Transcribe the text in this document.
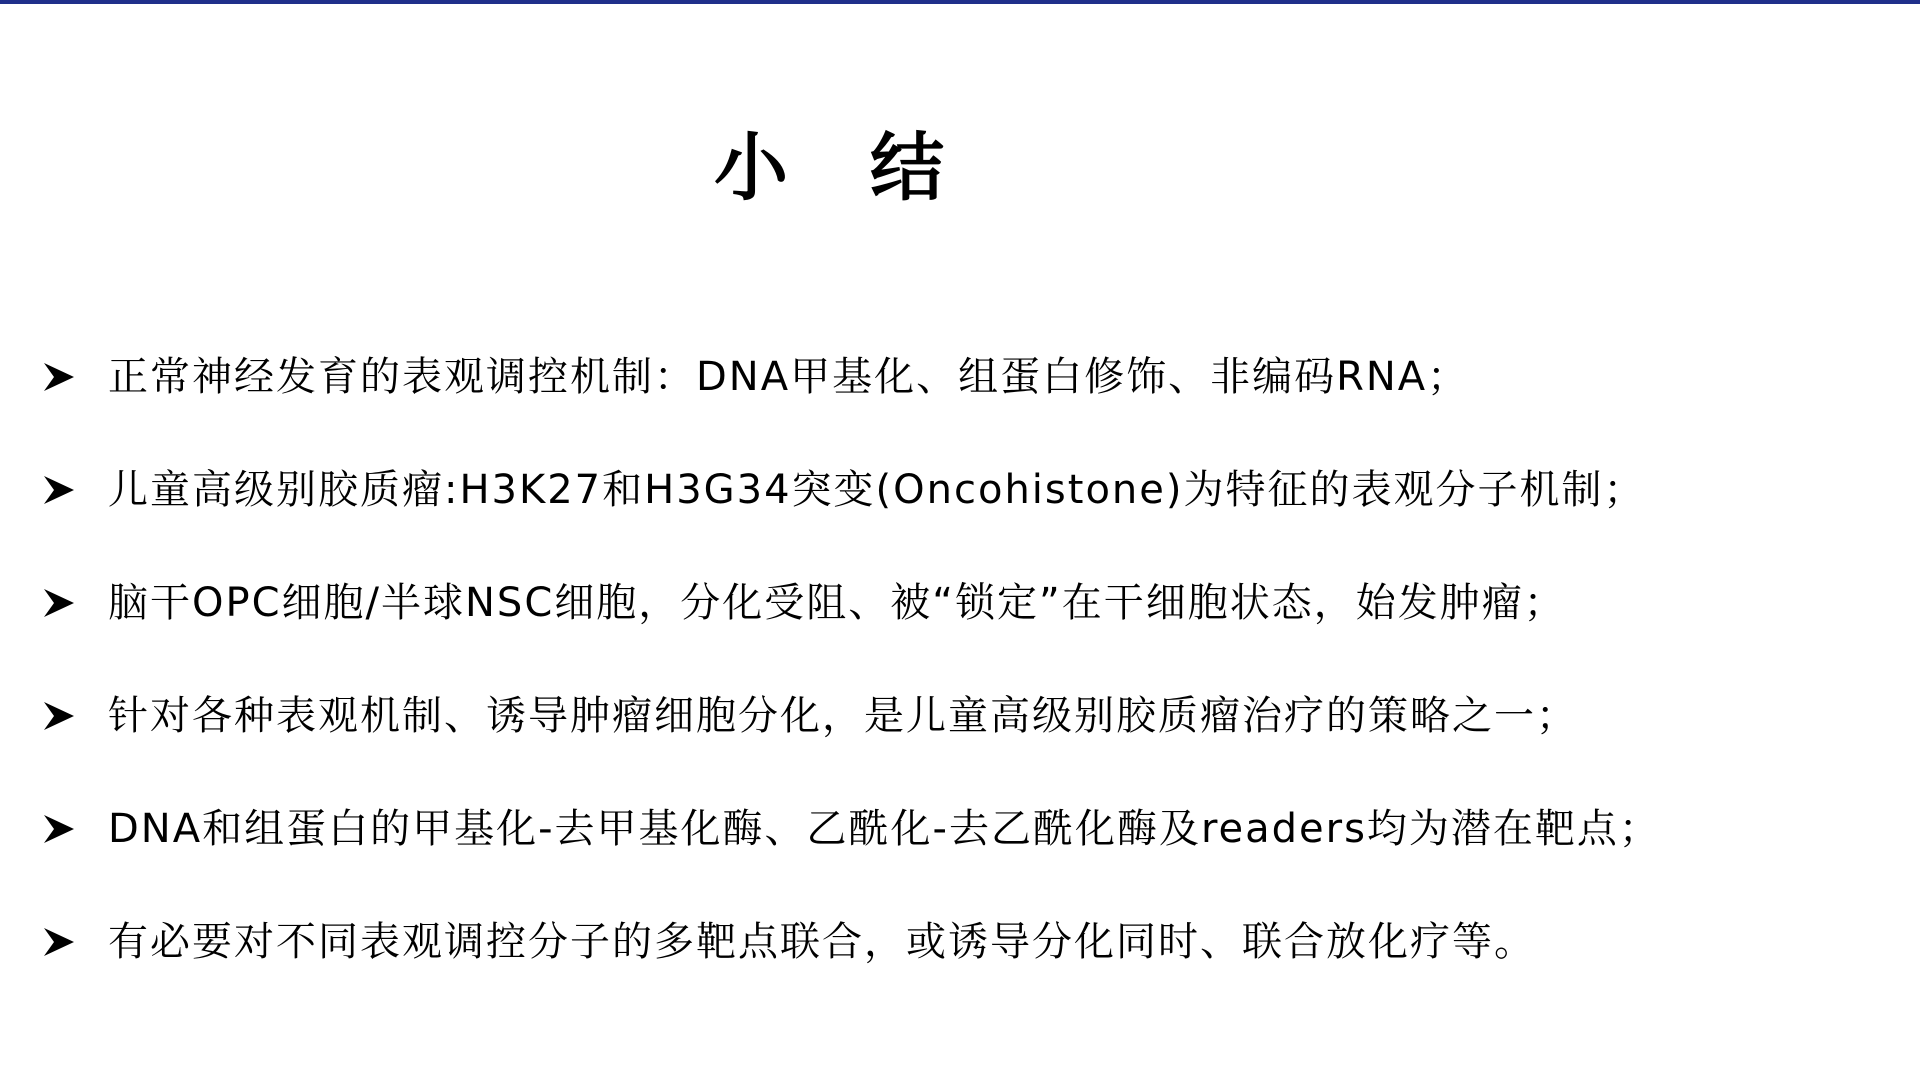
小结
正常神经发育的表观调控机制：DNA甲基化、组蛋白修饰、非编码RNA；
儿童高级别胶质瘤:H3K27和H3G34突变(Oncohistone)为特征的表观分子机制；
脑干OPC细胞/半球NSC细胞，分化受阻、被“锁定”在干细胞状态，始发肿瘤；
针对各种表观机制、诱导肿瘤细胞分化，是儿童高级别胶质瘤治疗的策略之一；
DNA和组蛋白的甲基化-去甲基化酶、乙酰化-去乙酰化酶及readers均为潜在靶点；
有必要对不同表观调控分子的多靶点联合，或诱导分化同时、联合放化疗等。
